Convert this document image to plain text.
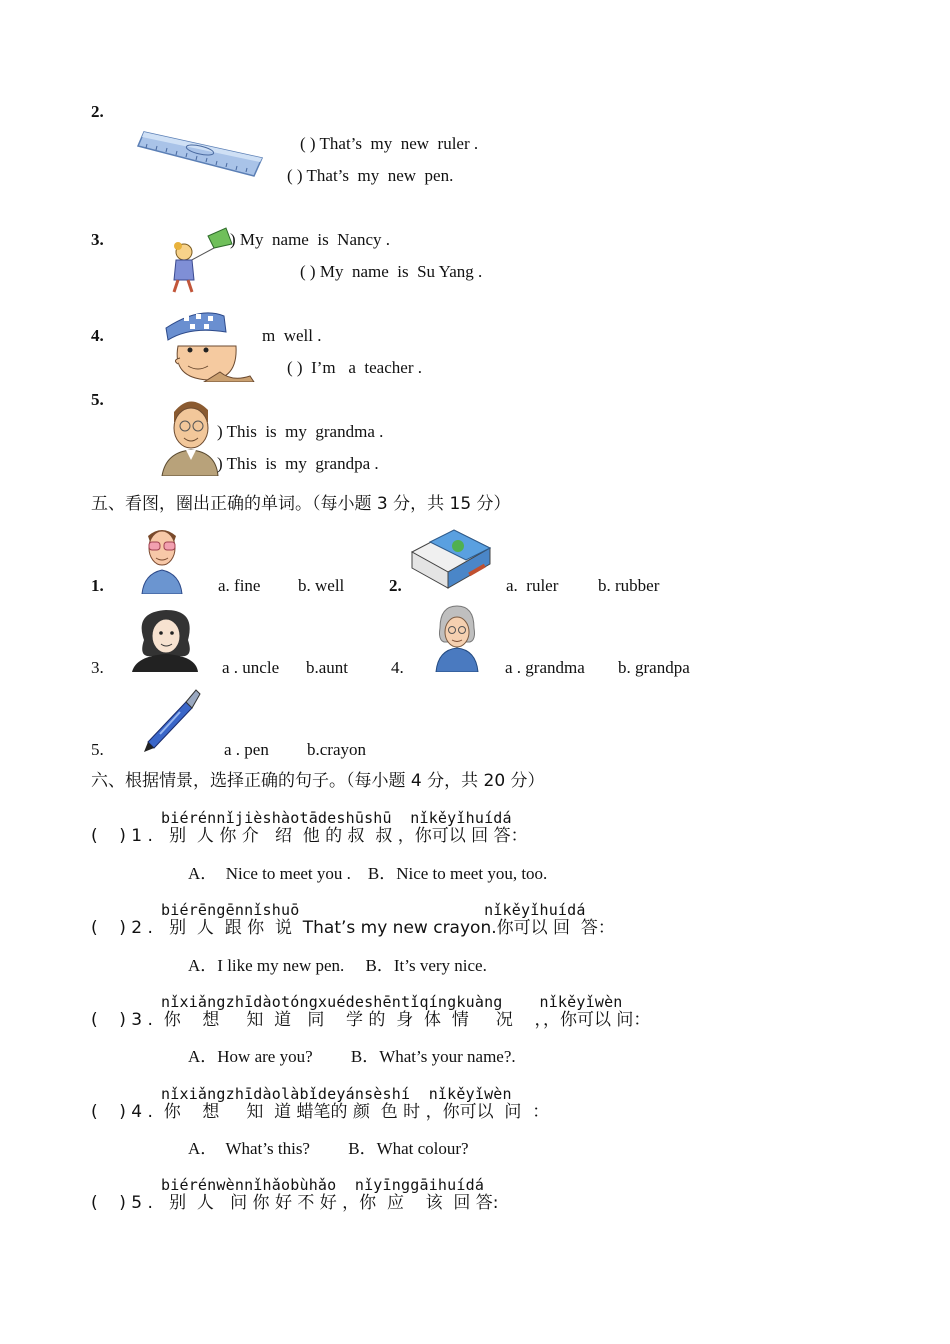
2.
( ) That’s  my  new  ruler .
( ) That’s  my  new  pen.
3.	) My  name  is  Nancy .
( ) My  name  is  Su Yang .
4.	m  well .
( )  I’m   a  teacher .
5.
) This  is  my  grandma .
) This  is  my  grandpa .
五、看图，圈出正确的单词。（每小题 3 分，共 15 分）
1.	a. fine b. well	2.	a.  ruler b. rubber
3.	a . uncle b.aunt	4.	a . grandma b. grandpa
5.	a . pen b.crayon
六、根据情景，选择正确的句子。（每小题 4 分，共 20 分）
biérénnǐjièshàotādeshūshū  nǐkěyǐhuídá
(    ) 1 .   别  人 你 介   绍  他 的 叔  叔 ，你可以 回 答：
A．  Nice to meet you .    B．Nice to meet you, too.
biérēngēnnǐshuō                    nǐkěyǐhuídá
(    ) 2 .   别  人  跟 你  说  That’s my new crayon.你可以 回  答：
A．I like my new pen.     B．It’s very nice.
nǐxiǎngzhīdàotóngxuédeshēntǐqíngkuàng    nǐkěyǐwèn
(    ) 3 .  你    想     知  道   同    学 的  身  体  情     况    ，，你可以 问：
A．How are you?         B．What’s your name?.
nǐxiǎngzhīdàolàbǐdeyánsèshí  nǐkěyǐwèn
(    ) 4 .  你    想     知  道 蜡笔的 颜  色 时 ，你可以  问  ：
A．  What’s this?         B．What colour?
biérénwènnǐhǎobùhǎo  nǐyīnggāihuídá
(    ) 5 .   别  人   问 你 好 不 好 ，你  应    该  回 答:
